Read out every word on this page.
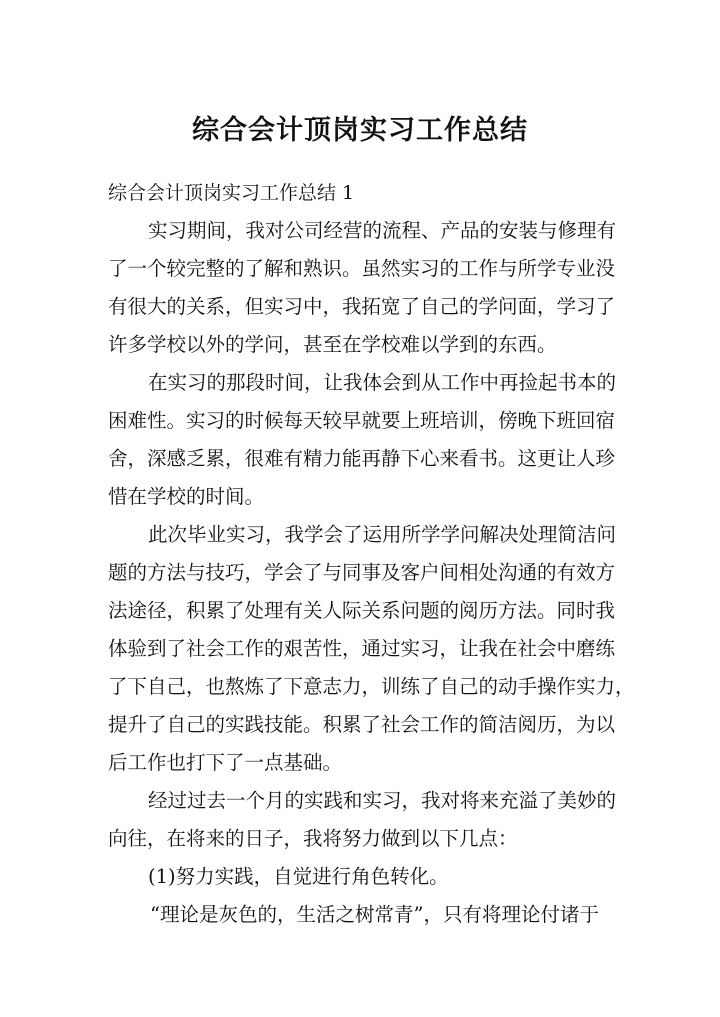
综合会计顶岗实习工作总结
综合会计顶岗实习工作总结 1
实习期间，我对公司经营的流程、产品的安装与修理有
了一个较完整的了解和熟识。虽然实习的工作与所学专业没
有很大的关系，但实习中，我拓宽了自己的学问面，学习了
许多学校以外的学问，甚至在学校难以学到的东西。
在实习的那段时间，让我体会到从工作中再捡起书本的
困难性。实习的时候每天较早就要上班培训，傍晚下班回宿
舍，深感乏累，很难有精力能再静下心来看书。这更让人珍
惜在学校的时间。
此次毕业实习，我学会了运用所学学问解决处理简洁问
题的方法与技巧，学会了与同事及客户间相处沟通的有效方
法途径，积累了处理有关人际关系问题的阅历方法。同时我
体验到了社会工作的艰苦性，通过实习，让我在社会中磨练
了下自己，也熬炼了下意志力，训练了自己的动手操作实力，
提升了自己的实践技能。积累了社会工作的简洁阅历，为以
后工作也打下了一点基础。
经过过去一个月的实践和实习，我对将来充溢了美妙的
向往，在将来的日子，我将努力做到以下几点：
(1)努力实践，自觉进行角色转化。
“理论是灰色的，生活之树常青”，只有将理论付诸于
